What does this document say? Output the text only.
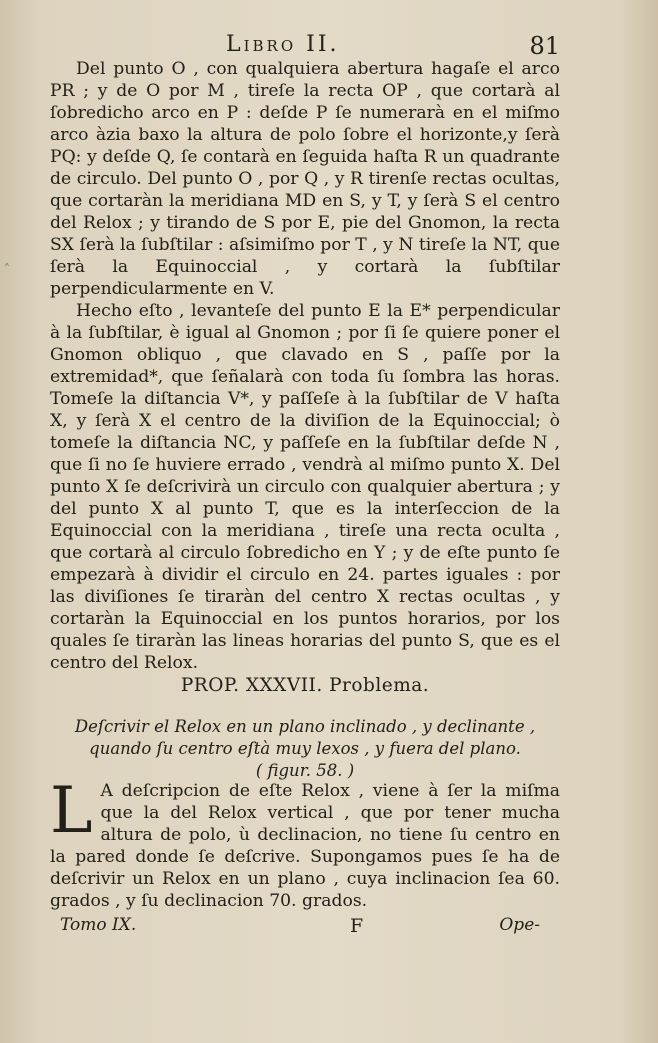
Libro II.	81
˄

Del punto O , con qualquiera abertura hagaſe el arco PR ; y de O por M , tireſe la recta OP , que cortarà al ſobredicho arco en P : deſde P ſe numerarà en el miſmo arco àzia baxo la altura de polo ſobre el horizonte,y ſerà PQ: y deſde Q, ſe contarà en ſeguida haſta R un quadrante de circulo. Del punto O , por Q , y R tirenſe rectas ocultas, que cortaràn la meridiana MD en S, y T, y ſerà S el centro del Relox ; y tirando de S por E, pie del Gnomon, la recta SX ſerà la ſubſtilar : aſsimiſmo por T , y N tireſe la NT, que ſerà la Equinoccial , y cortarà la ſubſtilar perpendicularmente en V.

Hecho eſto , levanteſe del punto E la E* perpendicular à la ſubſtilar, è igual al Gnomon ; por ſi ſe quiere poner el Gnomon obliquo , que clavado en S , paſſe por la extremidad*, que ſeñalarà con toda ſu ſombra las horas. Tomeſe la diſtancia V*, y paſſeſe à la ſubſtilar de V haſta X, y ſerà X el centro de la diviſion de la Equinoccial; ò tomeſe la diſtancia NC, y paſſeſe en la ſubſtilar deſde N , que ſi no ſe huviere errado , vendrà al miſmo punto X. Del punto X ſe deſcrivirà un circulo con qualquier abertura ; y del punto X al punto T, que es la interſeccion de la Equinoccial con la meridiana , tireſe una recta oculta , que cortarà al circulo ſobredicho en Y ; y de eſte punto ſe empezarà à dividir el circulo en 24. partes iguales : por las diviſiones ſe tiraràn del centro X rectas ocultas , y cortaràn la Equinoccial en los puntos horarios, por los quales ſe tiraràn las lineas horarias del punto S, que es el centro del Relox.

PROP. XXXVII. Problema.
Deſcrivir el Relox en un plano inclinado , y declinante , quando ſu centro eſtà muy lexos , y fuera del plano.
( figur. 58. )
L A deſcripcion de eſte Relox , viene à ſer la miſma que la del Relox vertical , que por tener mucha altura de polo, ù declinacion, no tiene ſu centro en la pared donde ſe deſcrive. Supongamos pues ſe ha de deſcrivir un Relox en un plano , cuya inclinacion ſea 60. grados , y ſu declinacion 70. grados.
Tomo IX.	F	Ope-
